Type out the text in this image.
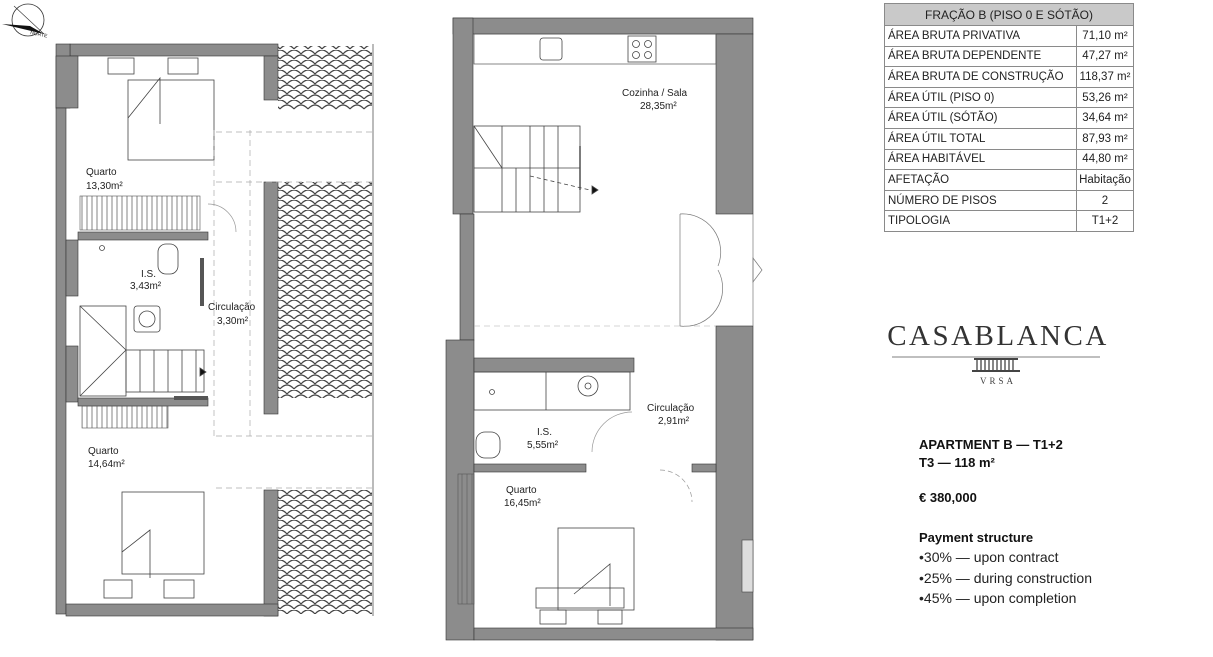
NORTE
Quarto
13,30m²
I.S.
3,43m²
Circulação
3,30m²
Quarto
14,64m²
Cozinha / Sala
28,35m²
Circulação
2,91m²
I.S.
5,55m²
Quarto
16,45m²
FRAÇÃO B (PISO 0 E SÓTÃO)	
ÁREA BRUTA PRIVATIVA	71,10 m²
ÁREA BRUTA DEPENDENTE	47,27 m²
ÁREA BRUTA DE CONSTRUÇÃO	118,37 m²
ÁREA ÚTIL (PISO 0)	53,26 m²
ÁREA ÚTIL (SÓTÃO)	34,64 m²
ÁREA ÚTIL TOTAL	87,93 m²
ÁREA HABITÁVEL	44,80 m²
AFETAÇÃO	Habitação
NÚMERO DE PISOS	2
TIPOLOGIA	T1+2
CASABLANCA
VRSA
APARTMENT B — T1+2
T3 — 118 m²
€ 380,000
Payment structure
•30% — upon contract
•25% — during construction
•45% — upon completion
